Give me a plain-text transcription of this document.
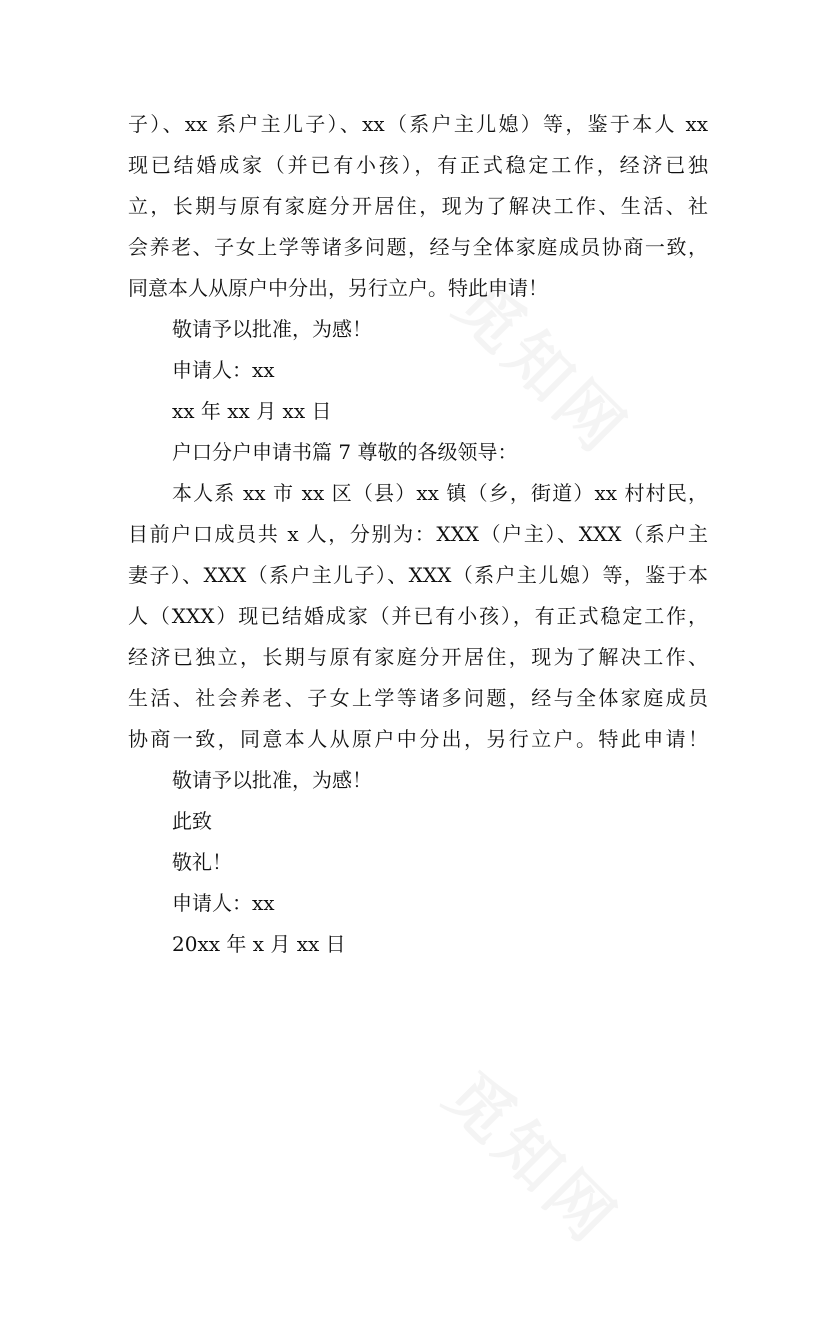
觅知网
觅知网
子）、xx 系户主儿子）、xx（系户主儿媳）等，鉴于本人 xx
现已结婚成家（并已有小孩），有正式稳定工作，经济已独
立，长期与原有家庭分开居住，现为了解决工作、生活、社
会养老、子女上学等诸多问题，经与全体家庭成员协商一致，
同意本人从原户中分出，另行立户。特此申请！
敬请予以批准，为感！
申请人：xx
xx 年 xx 月 xx 日
户口分户申请书篇 7 尊敬的各级领导：
本人系 xx 市 xx 区（县）xx 镇（乡，街道）xx 村村民，
目前户口成员共 x 人，分别为：XXX（户主）、XXX（系户主
妻子）、XXX（系户主儿子）、XXX（系户主儿媳）等，鉴于本
人（XXX）现已结婚成家（并已有小孩），有正式稳定工作，
经济已独立，长期与原有家庭分开居住，现为了解决工作、
生活、社会养老、子女上学等诸多问题，经与全体家庭成员
协商一致，同意本人从原户中分出，另行立户。特此申请！
敬请予以批准，为感！
此致
敬礼！
申请人：xx
20xx 年 x 月 xx 日
